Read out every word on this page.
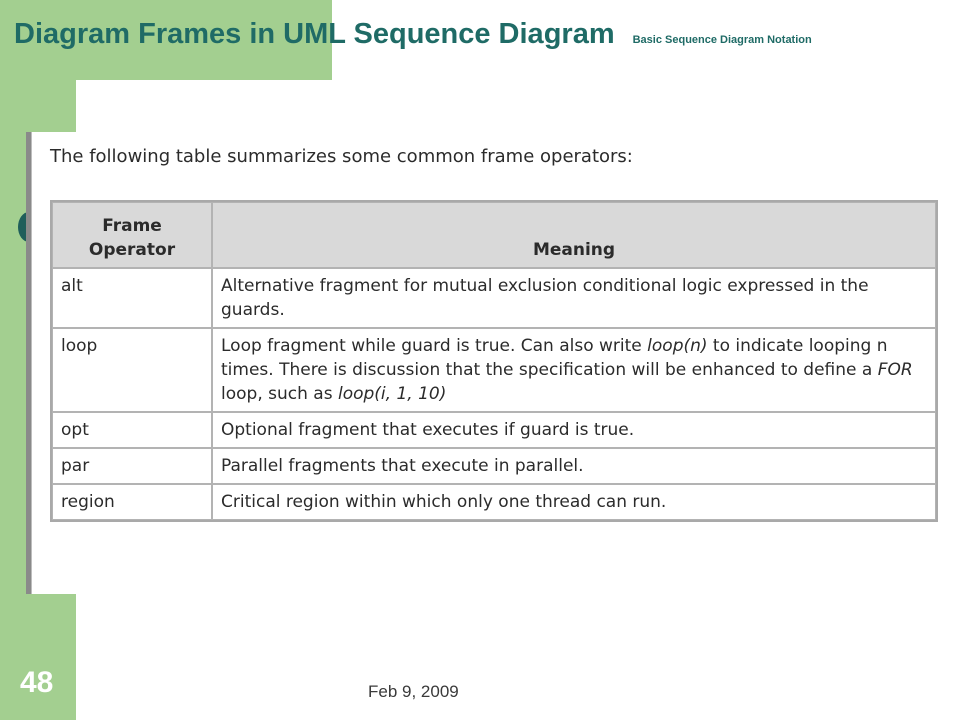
Diagram Frames in UML Sequence Diagram Basic Sequence Diagram Notation
The following table summarizes some common frame operators:
Frame Operator	Meaning
alt	Alternative fragment for mutual exclusion conditional logic expressed in the guards.
loop	Loop fragment while guard is true. Can also write loop(n) to indicate looping n times. There is discussion that the specification will be enhanced to define a FOR loop, such as loop(i, 1, 10)
opt	Optional fragment that executes if guard is true.
par	Parallel fragments that execute in parallel.
region	Critical region within which only one thread can run.
48	Feb 9, 2009
